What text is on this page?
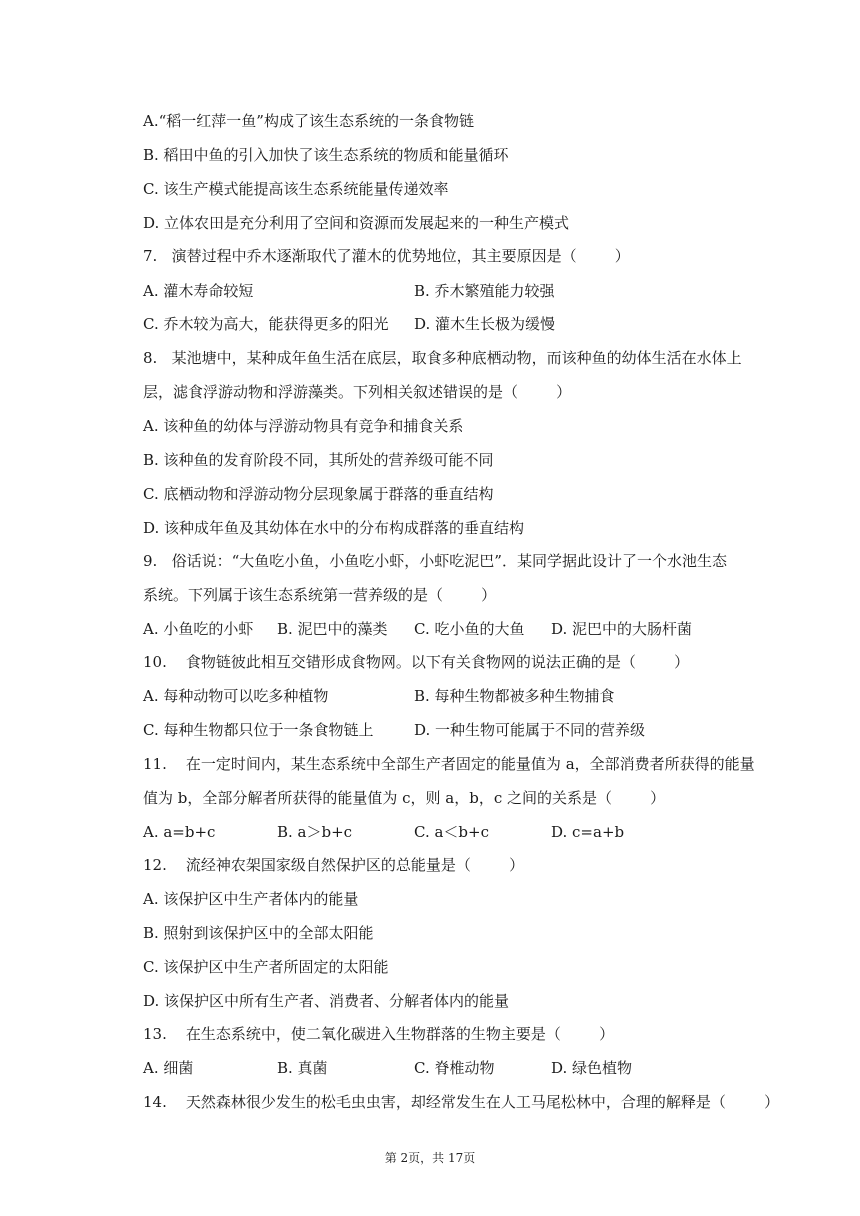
A.“稻一红萍一鱼”构成了该生态系统的一条食物链
B. 稻田中鱼的引入加快了该生态系统的物质和能量循环
C. 该生产模式能提高该生态系统能量传递效率
D. 立体农田是充分利用了空间和资源而发展起来的一种生产模式
7.   演替过程中乔木逐渐取代了灌木的优势地位，其主要原因是（        ）
A. 灌木寿命较短	B. 乔木繁殖能力较强
C. 乔木较为高大，能获得更多的阳光 D. 灌木生长极为缓慢
8.   某池塘中，某种成年鱼生活在底层，取食多种底栖动物，而该种鱼的幼体生活在水体上
层，滤食浮游动物和浮游藻类。下列相关叙述错误的是（        ）
A. 该种鱼的幼体与浮游动物具有竞争和捕食关系
B. 该种鱼的发育阶段不同，其所处的营养级可能不同
C. 底栖动物和浮游动物分层现象属于群落的垂直结构
D. 该种成年鱼及其幼体在水中的分布构成群落的垂直结构
9.   俗话说：“大鱼吃小鱼，小鱼吃小虾，小虾吃泥巴”．某同学据此设计了一个水池生态
系统。下列属于该生态系统第一营养级的是（        ）
A. 小鱼吃的小虾 B. 泥巴中的藻类 C. 吃小鱼的大鱼 D. 泥巴中的大肠杆菌
10.    食物链彼此相互交错形成食物网。以下有关食物网的说法正确的是（        ）
A. 每种动物可以吃多种植物	B. 每种生物都被多种生物捕食
C. 每种生物都只位于一条食物链上	D. 一种生物可能属于不同的营养级
11.    在一定时间内，某生态系统中全部生产者固定的能量值为 a，全部消费者所获得的能量
值为 b，全部分解者所获得的能量值为 c，则 a，b，c 之间的关系是（        ）
A. a=b+c	B. a＞b+c	C. a＜b+c	D. c=a+b
12.    流经神农架国家级自然保护区的总能量是（        ）
A. 该保护区中生产者体内的能量
B. 照射到该保护区中的全部太阳能
C. 该保护区中生产者所固定的太阳能
D. 该保护区中所有生产者、消费者、分解者体内的能量
13.    在生态系统中，使二氧化碳进入生物群落的生物主要是（        ）
A. 细菌	B. 真菌	C. 脊椎动物	D. 绿色植物
14.    天然森林很少发生的松毛虫虫害，却经常发生在人工马尾松林中，合理的解释是（        ）
第 2页，共 17页
